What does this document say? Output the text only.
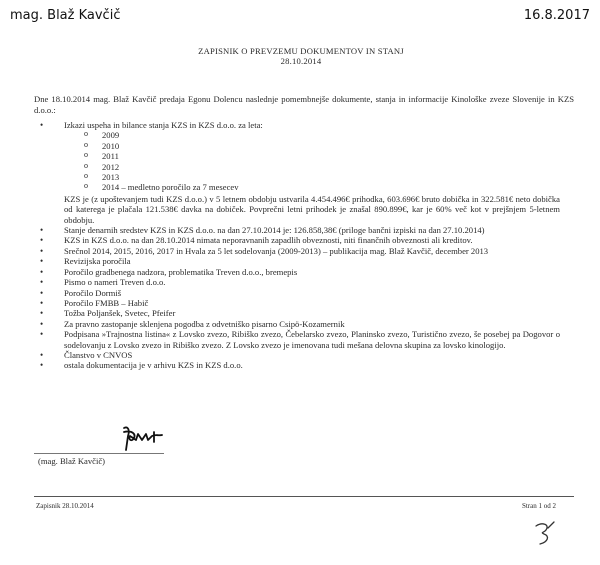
mag. Blaž Kavčič	16.8.2017
ZAPISNIK O PREVZEMU DOKUMENTOV IN STANJ
28.10.2014
Dne 18.10.2014 mag. Blaž Kavčič predaja Egonu Dolencu naslednje pomembnejše dokumente, stanja in informacije Kinološke zveze Slovenije in KZS d.o.o.:
• Izkazi uspeha in bilance stanja KZS in KZS d.o.o. za leta:
o 2009
o 2010
o 2011
o 2012
o 2013
o 2014 – medletno poročilo za 7 mesecev
KZS je (z upoštevanjem tudi KZS d.o.o.) v 5 letnem obdobju ustvarila 4.454.496€ prihodka, 603.696€ bruto dobička in 322.581€ neto dobička od katerega je plačala 121.538€ davka na dobiček. Povprečni letni prihodek je znašal 890.899€, kar je 60% več kot v prejšnjem 5-letnem obdobju.
• Stanje denarnih sredstev KZS in KZS d.o.o. na dan 27.10.2014 je: 126.858,38€ (priloge bančni izpiski na dan 27.10.2014)
• KZS in KZS d.o.o. na dan 28.10.2014 nimata neporavnanih zapadlih obveznosti, niti finančnih obveznosti ali kreditov.
• Srečnol 2014, 2015, 2016, 2017 in Hvala za 5 let sodelovanja (2009-2013) – publikacija mag. Blaž Kavčič, december 2013
• Revizijska poročila
• Poročilo gradbenega nadzora, problematika Treven d.o.o., bremepis
• Pismo o nameri Treven d.o.o.
• Poročilo Dormiš
• Poročilo FMBB – Habič
• Tožba Poljanšek, Svetec, Pfeifer
• Za pravno zastopanje sklenjena pogodba z odvetniško pisarno Csipö-Kozamernik
• Podpisana »Trajnostna listina« z Lovsko zvezo, Ribiško zvezo, Čebelarsko zvezo, Planinsko zvezo, Turistično zvezo, še posebej pa Dogovor o sodelovanju z Lovsko zvezo in Ribiško zvezo. Z Lovsko zvezo je imenovana tudi mešana delovna skupina za lovsko kinologijo.
• Članstvo v CNVOS
• ostala dokumentacija je v arhivu KZS in KZS d.o.o.
(mag. Blaž Kavčič)
Zapisnik 28.10.2014	Stran 1 od 2
